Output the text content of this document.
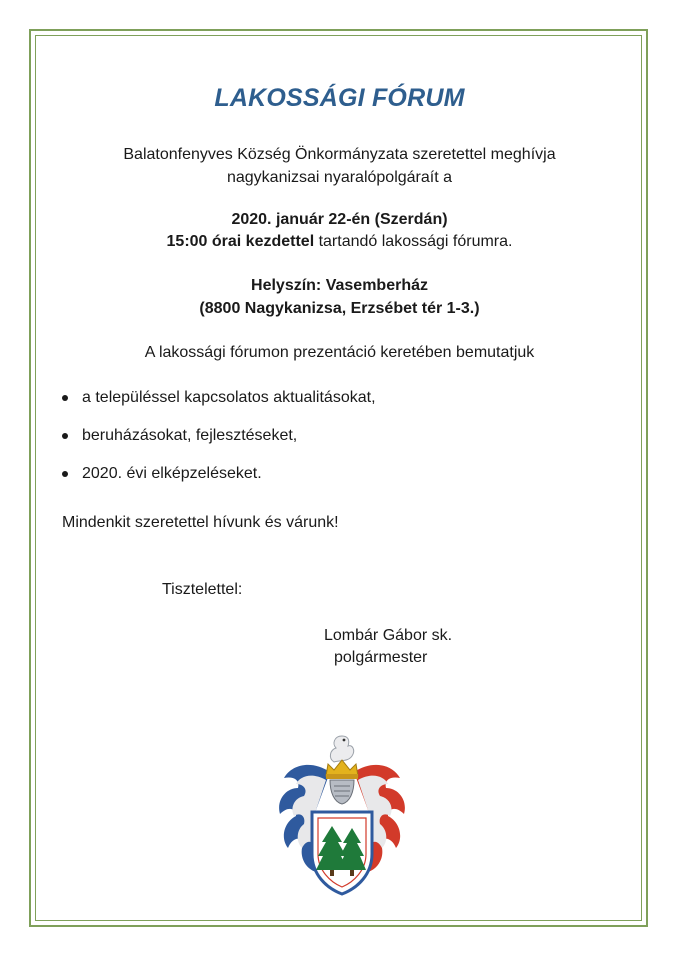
LAKOSSÁGI FÓRUM
Balatonfenyves Község Önkormányzata szeretettel meghívja
nagykanizsai nyaralópolgáraít a
2020. január 22-én (Szerdán)
15:00 órai kezdettel tartandó lakossági fórumra.
Helyszín: Vasemberház
(8800 Nagykanizsa, Erzsébet tér 1-3.)
A lakossági fórumon prezentáció keretében bemutatjuk
a településsel kapcsolatos aktualitásokat,
beruházásokat, fejlesztéseket,
2020. évi elképzeléseket.
Mindenkit szeretettel hívunk és várunk!
Tisztelettel:
Lombár Gábor sk.
polgármester
